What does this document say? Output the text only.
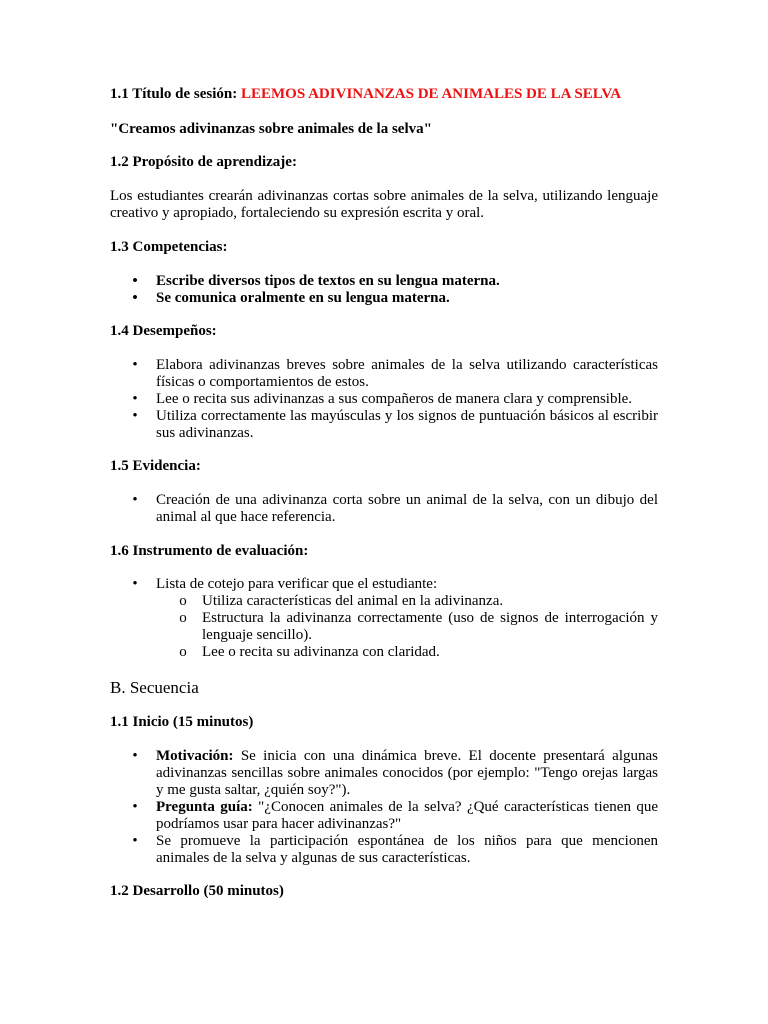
1.1 Título de sesión: LEEMOS ADIVINANZAS DE ANIMALES DE LA SELVA

"Creamos adivinanzas sobre animales de la selva"

1.2 Propósito de aprendizaje:

Los estudiantes crearán adivinanzas cortas sobre animales de la selva, utilizando lenguaje creativo y apropiado, fortaleciendo su expresión escrita y oral.

1.3 Competencias:

• Escribe diversos tipos de textos en su lengua materna.
• Se comunica oralmente en su lengua materna.

1.4 Desempeños:

• Elabora adivinanzas breves sobre animales de la selva utilizando características físicas o comportamientos de estos.
• Lee o recita sus adivinanzas a sus compañeros de manera clara y comprensible.
• Utiliza correctamente las mayúsculas y los signos de puntuación básicos al escribir sus adivinanzas.

1.5 Evidencia:

• Creación de una adivinanza corta sobre un animal de la selva, con un dibujo del animal al que hace referencia.

1.6 Instrumento de evaluación:

• Lista de cotejo para verificar que el estudiante:
o Utiliza características del animal en la adivinanza.
o Estructura la adivinanza correctamente (uso de signos de interrogación y lenguaje sencillo).
o Lee o recita su adivinanza con claridad.

B. Secuencia

1.1 Inicio (15 minutos)

• Motivación: Se inicia con una dinámica breve. El docente presentará algunas adivinanzas sencillas sobre animales conocidos (por ejemplo: "Tengo orejas largas y me gusta saltar, ¿quién soy?").
• Pregunta guía: "¿Conocen animales de la selva? ¿Qué características tienen que podríamos usar para hacer adivinanzas?"
• Se promueve la participación espontánea de los niños para que mencionen animales de la selva y algunas de sus características.

1.2 Desarrollo (50 minutos)
